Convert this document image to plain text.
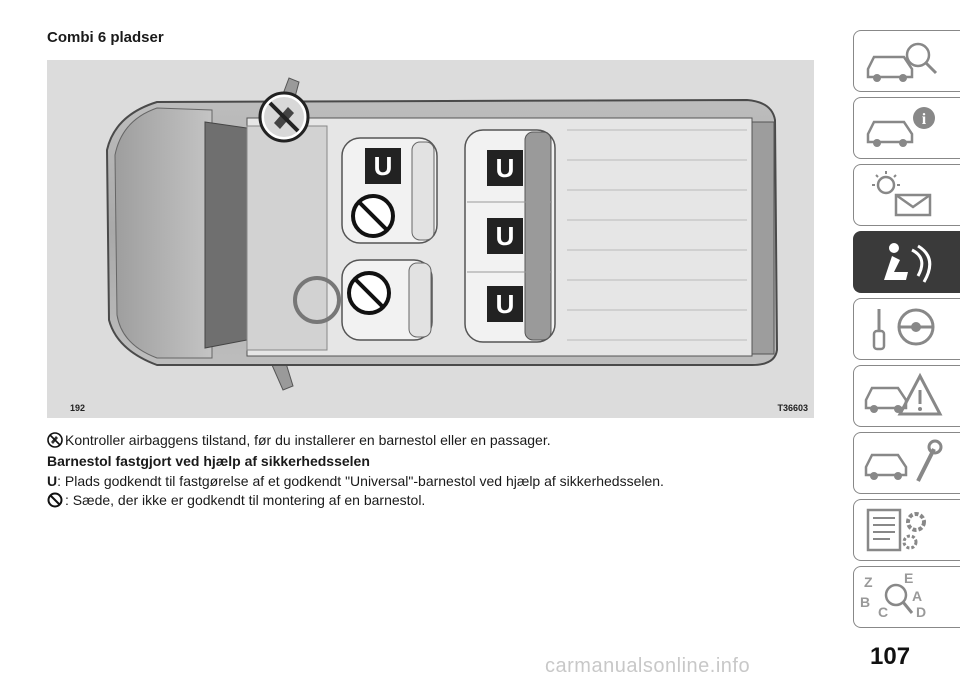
Combi 6 pladser
U	U
U
U
192	T36603
Kontroller airbaggens tilstand, før du installerer en barnestol eller en passager.
Barnestol fastgjort ved hjælp af sikkerhedsselen
U: Plads godkendt til fastgørelse af et godkendt "Universal"-barnestol ved hjælp af sikkerhedsselen.
: Sæde, der ikke er godkendt til montering af en barnestol.
i
Z E
B	A
C D

107

carmanualsonline.info
